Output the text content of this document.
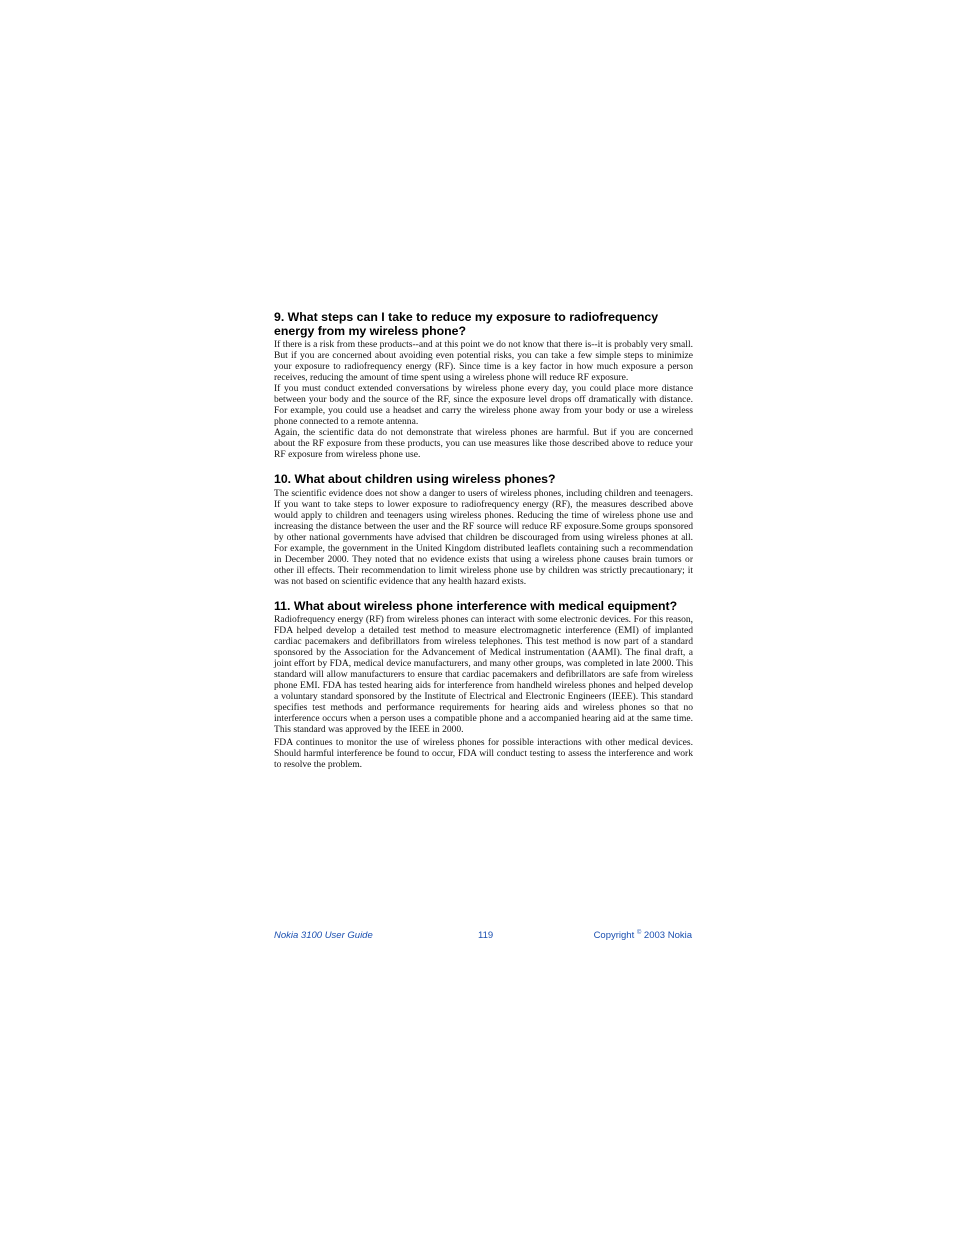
9. What steps can I take to reduce my exposure to radiofrequency energy from my wireless phone?

If there is a risk from these products--and at this point we do not know that there is--it is probably very small. But if you are concerned about avoiding even potential risks, you can take a few simple steps to minimize your exposure to radiofrequency energy (RF). Since time is a key factor in how much exposure a person receives, reducing the amount of time spent using a wireless phone will reduce RF exposure.

If you must conduct extended conversations by wireless phone every day, you could place more distance between your body and the source of the RF, since the exposure level drops off dramatically with distance. For example, you could use a headset and carry the wireless phone away from your body or use a wireless phone connected to a remote antenna.

Again, the scientific data do not demonstrate that wireless phones are harmful. But if you are concerned about the RF exposure from these products, you can use measures like those described above to reduce your RF exposure from wireless phone use.

10. What about children using wireless phones?

The scientific evidence does not show a danger to users of wireless phones, including children and teenagers. If you want to take steps to lower exposure to radiofrequency energy (RF), the measures described above would apply to children and teenagers using wireless phones. Reducing the time of wireless phone use and increasing the distance between the user and the RF source will reduce RF exposure.Some groups sponsored by other national governments have advised that children be discouraged from using wireless phones at all. For example, the government in the United Kingdom distributed leaflets containing such a recommendation in December 2000. They noted that no evidence exists that using a wireless phone causes brain tumors or other ill effects. Their recommendation to limit wireless phone use by children was strictly precautionary; it was not based on scientific evidence that any health hazard exists.

11. What about wireless phone interference with medical equipment?

Radiofrequency energy (RF) from wireless phones can interact with some electronic devices. For this reason, FDA helped develop a detailed test method to measure electromagnetic interference (EMI) of implanted cardiac pacemakers and defibrillators from wireless telephones. This test method is now part of a standard sponsored by the Association for the Advancement of Medical instrumentation (AAMI). The final draft, a joint effort by FDA, medical device manufacturers, and many other groups, was completed in late 2000. This standard will allow manufacturers to ensure that cardiac pacemakers and defibrillators are safe from wireless phone EMI. FDA has tested hearing aids for interference from handheld wireless phones and helped develop a voluntary standard sponsored by the Institute of Electrical and Electronic Engineers (IEEE). This standard specifies test methods and performance requirements for hearing aids and wireless phones so that no interference occurs when a person uses a compatible phone and a accompanied hearing aid at the same time. This standard was approved by the IEEE in 2000.

FDA continues to monitor the use of wireless phones for possible interactions with other medical devices. Should harmful interference be found to occur, FDA will conduct testing to assess the interference and work to resolve the problem.

Nokia 3100 User Guide	119	Copyright © 2003 Nokia
